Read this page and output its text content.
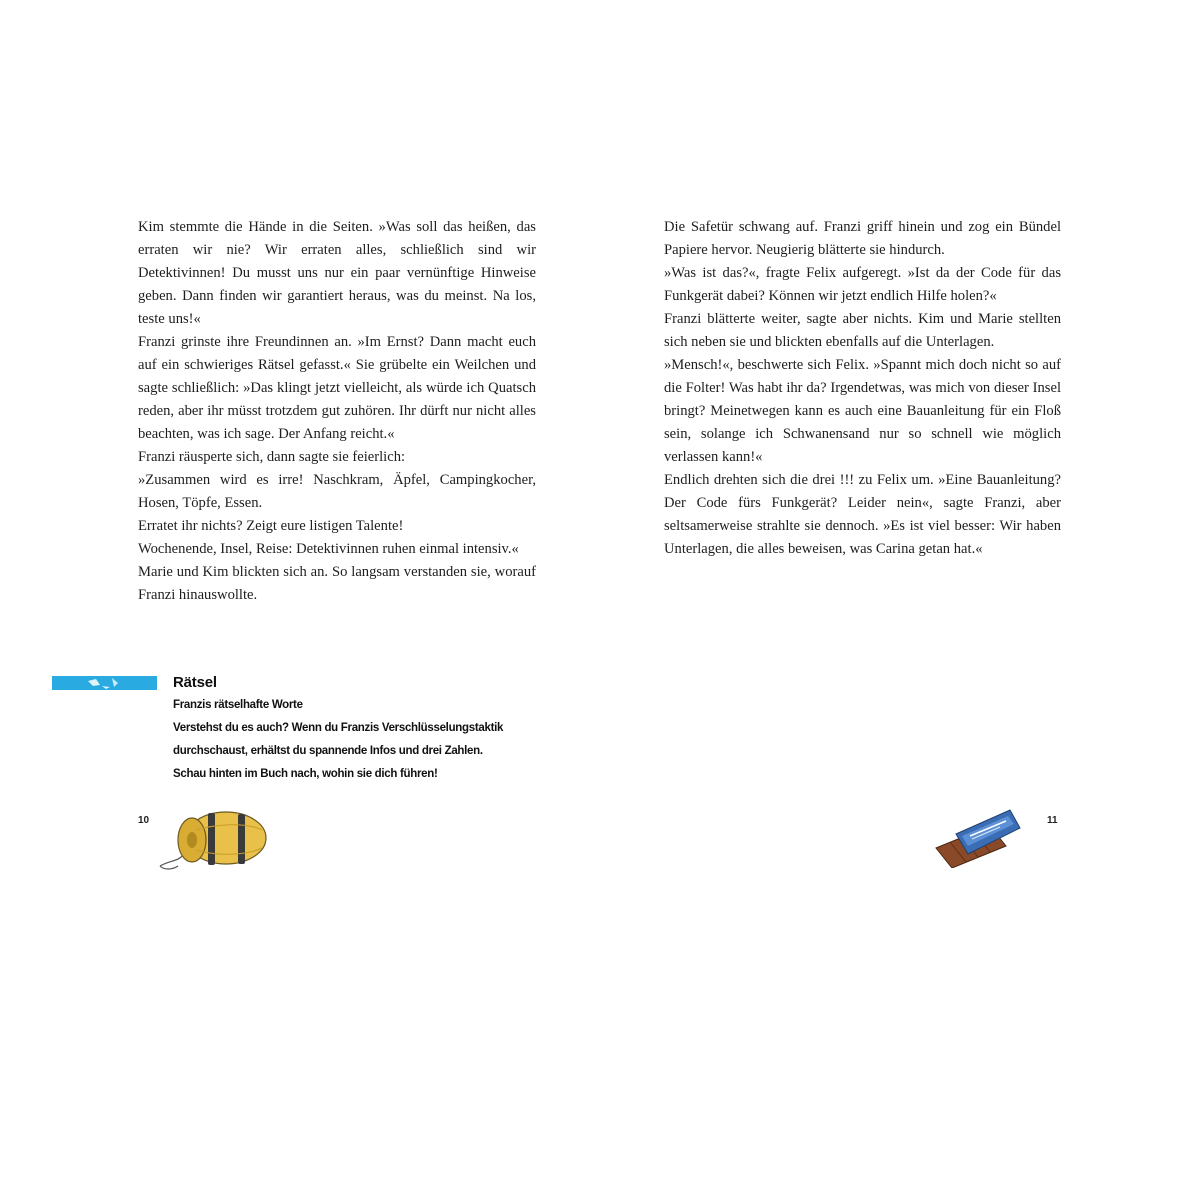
Kim stemmte die Hände in die Seiten. »Was soll das heißen, das erraten wir nie? Wir erraten alles, schließlich sind wir Detektivinnen! Du musst uns nur ein paar vernünftige Hinweise geben. Dann finden wir garantiert heraus, was du meinst. Na los, teste uns!«

Franzi grinste ihre Freundinnen an. »Im Ernst? Dann macht euch auf ein schwieriges Rätsel gefasst.« Sie grübelte ein Weilchen und sagte schließlich: »Das klingt jetzt vielleicht, als würde ich Quatsch reden, aber ihr müsst trotzdem gut zuhören. Ihr dürft nur nicht alles beachten, was ich sage. Der Anfang reicht.«

Franzi räusperte sich, dann sagte sie feierlich:

»Zusammen wird es irre! Naschkram, Äpfel, Campingkocher, Hosen, Töpfe, Essen.

Erratet ihr nichts? Zeigt eure listigen Talente!

Wochenende, Insel, Reise: Detektivinnen ruhen einmal intensiv.«

Marie und Kim blickten sich an. So langsam verstanden sie, worauf Franzi hinauswollte.

Rätsel

Franzis rätselhafte Worte

Verstehst du es auch? Wenn du Franzis Verschlüsselungstaktik

durchschaust, erhältst du spannende Infos und drei Zahlen.

Schau hinten im Buch nach, wohin sie dich führen!

10

Die Safetür schwang auf. Franzi griff hinein und zog ein Bündel Papiere hervor. Neugierig blätterte sie hindurch.

»Was ist das?«, fragte Felix aufgeregt. »Ist da der Code für das Funkgerät dabei? Können wir jetzt endlich Hilfe holen?«

Franzi blätterte weiter, sagte aber nichts. Kim und Marie stellten sich neben sie und blickten ebenfalls auf die Unterlagen.

»Mensch!«, beschwerte sich Felix. »Spannt mich doch nicht so auf die Folter! Was habt ihr da? Irgendetwas, was mich von dieser Insel bringt? Meinetwegen kann es auch eine Bauanleitung für ein Floß sein, solange ich Schwanensand nur so schnell wie möglich verlassen kann!«

Endlich drehten sich die drei !!! zu Felix um. »Eine Bauanleitung? Der Code fürs Funkgerät? Leider nein«, sagte Franzi, aber seltsamerweise strahlte sie dennoch. »Es ist viel besser: Wir haben Unterlagen, die alles beweisen, was Carina getan hat.«

11
